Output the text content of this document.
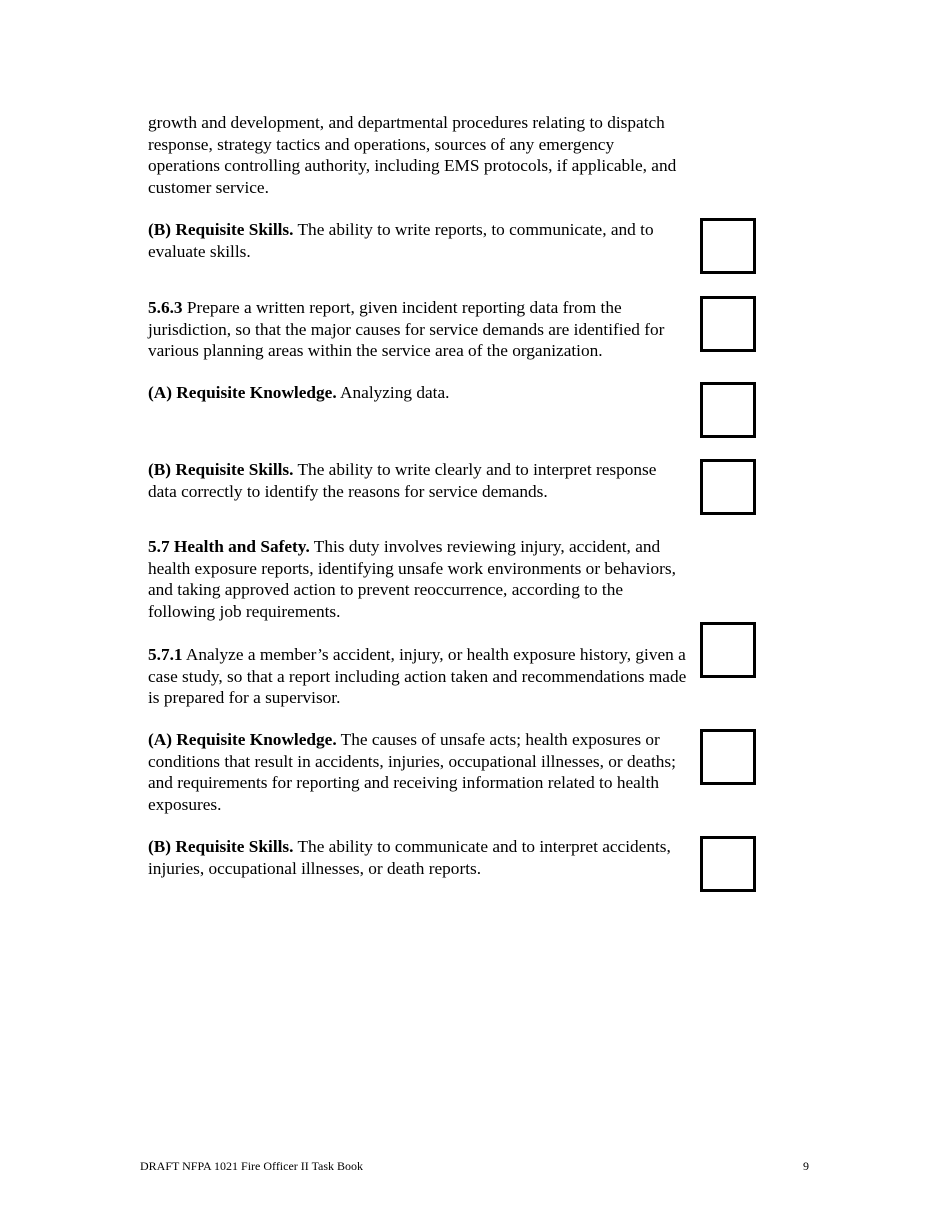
growth and development, and departmental procedures relating to dispatch response, strategy tactics and operations, sources of any emergency operations controlling authority, including EMS protocols, if applicable, and customer service.

(B) Requisite Skills. The ability to write reports, to communicate, and to evaluate skills.

5.6.3 Prepare a written report, given incident reporting data from the jurisdiction, so that the major causes for service demands are identified for various planning areas within the service area of the organization.

(A) Requisite Knowledge. Analyzing data.

(B) Requisite Skills. The ability to write clearly and to interpret response data correctly to identify the reasons for service demands.

5.7 Health and Safety. This duty involves reviewing injury, accident, and health exposure reports, identifying unsafe work environments or behaviors, and taking approved action to prevent reoccurrence, according to the following job requirements.

5.7.1 Analyze a member’s accident, injury, or health exposure history, given a case study, so that a report including action taken and recommendations made is prepared for a supervisor.

(A) Requisite Knowledge. The causes of unsafe acts; health exposures or conditions that result in accidents, injuries, occupational illnesses, or deaths; and requirements for reporting and receiving information related to health exposures.

(B) Requisite Skills. The ability to communicate and to interpret accidents, injuries, occupational illnesses, or death reports.

DRAFT NFPA 1021 Fire Officer II Task Book	9
